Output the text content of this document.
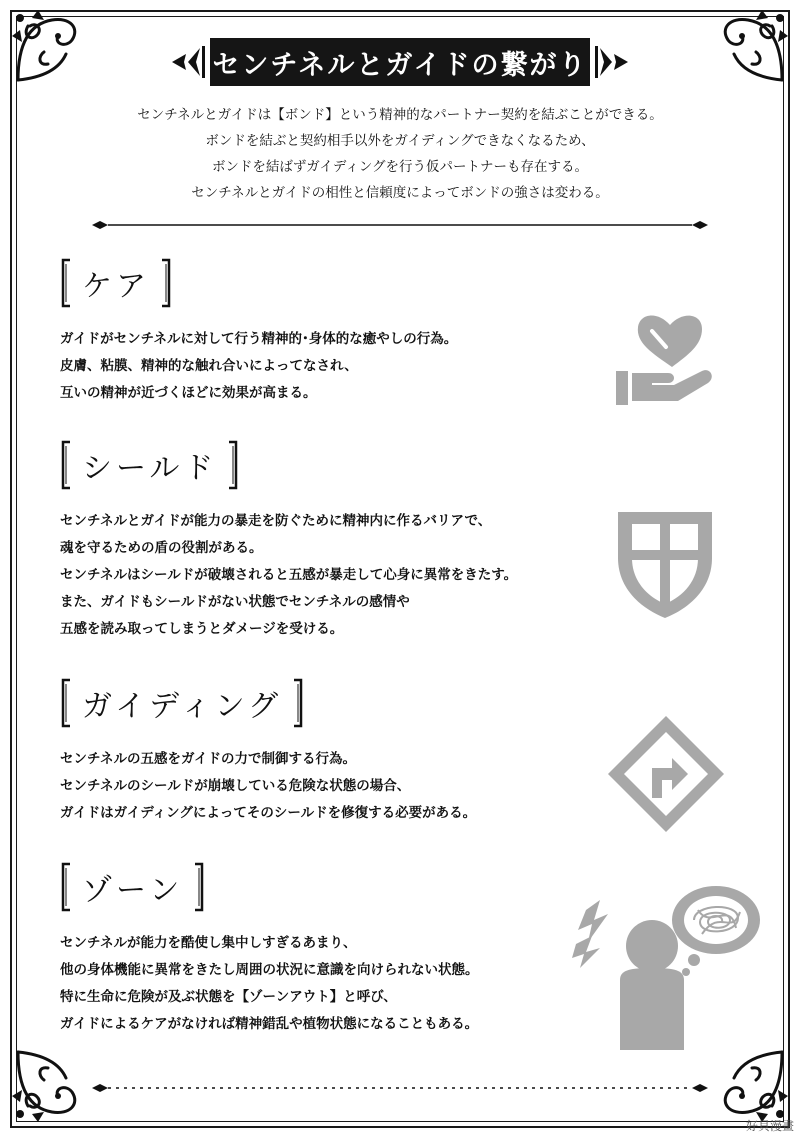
センチネルとガイドの繋がり
センチネルとガイドは【ボンド】という精神的なパートナー契約を結ぶことができる。
ボンドを結ぶと契約相手以外をガイディングできなくなるため、
ボンドを結ばずガイディングを行う仮パートナーも存在する。
センチネルとガイドの相性と信頼度によってボンドの強さは変わる。
ケア
ガイドがセンチネルに対して行う精神的･身体的な癒やしの行為。
皮膚、粘膜、精神的な触れ合いによってなされ、
互いの精神が近づくほどに効果が高まる。
シールド
センチネルとガイドが能力の暴走を防ぐために精神内に作るバリアで、
魂を守るための盾の役割がある。
センチネルはシールドが破壊されると五感が暴走して心身に異常をきたす。
また、ガイドもシールドがない状態でセンチネルの感情や
五感を読み取ってしまうとダメージを受ける。
ガイディング
センチネルの五感をガイドの力で制御する行為。
センチネルのシールドが崩壊している危険な状態の場合、
ガイドはガイディングによってそのシールドを修復する必要がある。
ゾーン
センチネルが能力を酷使し集中しすぎるあまり、
他の身体機能に異常をきたし周囲の状況に意識を向けられない状態。
特に生命に危険が及ぶ状態を【ゾーンアウト】と呼び、
ガイドによるケアがなければ精神錯乱や植物状態になることもある。
好貝漫畫
